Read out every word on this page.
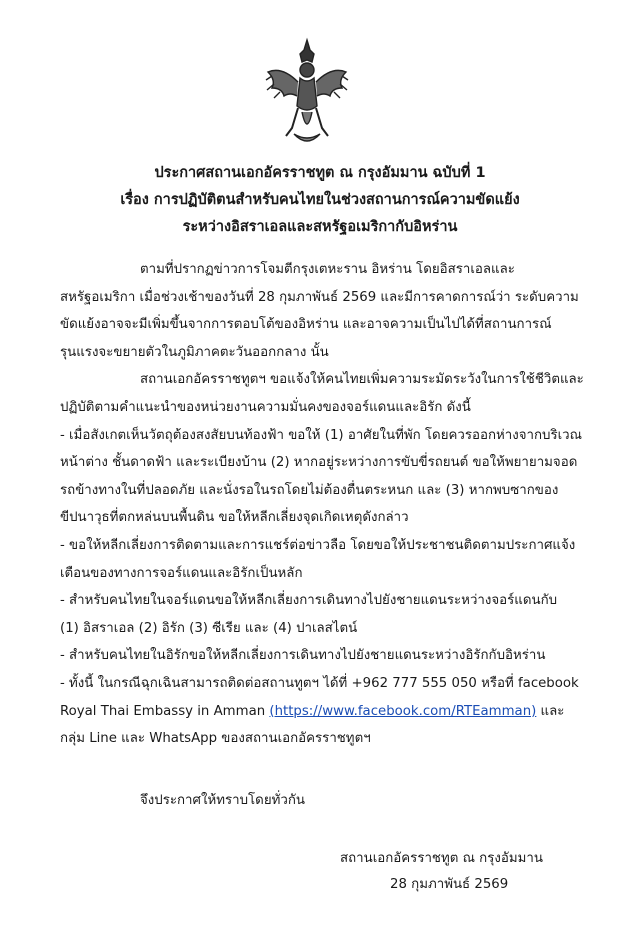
ประกาศสถานเอกอัครราชทูต ณ กรุงอัมมาน ฉบับที่ 1
เรื่อง การปฏิบัติตนสำหรับคนไทยในช่วงสถานการณ์ความขัดแย้ง
ระหว่างอิสราเอลและสหรัฐอเมริกากับอิหร่าน

ตามที่ปรากฏข่าวการโจมตีกรุงเตหะราน อิหร่าน โดยอิสราเอลและสหรัฐอเมริกา เมื่อช่วงเช้าของวันที่ 28 กุมภาพันธ์ 2569 และมีการคาดการณ์ว่า ระดับความขัดแย้งอาจจะมีเพิ่มขึ้นจากการตอบโต้ของอิหร่าน และอาจความเป็นไปได้ที่สถานการณ์รุนแรงจะขยายตัวในภูมิภาคตะวันออกกลาง นั้น

สถานเอกอัครราชทูตฯ ขอแจ้งให้คนไทยเพิ่มความระมัดระวังในการใช้ชีวิตและปฏิบัติตามคำแนะนำของหน่วยงานความมั่นคงของจอร์แดนและอิรัก ดังนี้

- เมื่อสังเกตเห็นวัตถุต้องสงสัยบนท้องฟ้า ขอให้ (1) อาศัยในที่พัก โดยควรออกห่างจากบริเวณหน้าต่าง ชั้นดาดฟ้า และระเบียงบ้าน (2) หากอยู่ระหว่างการขับขี่รถยนต์ ขอให้พยายามจอดรถข้างทางในที่ปลอดภัย และนั่งรอในรถโดยไม่ต้องตื่นตระหนก และ (3) หากพบซากของขีปนาวุธที่ตกหล่นบนพื้นดิน ขอให้หลีกเลี่ยงจุดเกิดเหตุดังกล่าว

- ขอให้หลีกเลี่ยงการติดตามและการแชร์ต่อข่าวลือ โดยขอให้ประชาชนติดตามประกาศแจ้งเตือนของทางการจอร์แดนและอิรักเป็นหลัก

- สำหรับคนไทยในจอร์แดนขอให้หลีกเลี่ยงการเดินทางไปยังชายแดนระหว่างจอร์แดนกับ

(1) อิสราเอล (2) อิรัก (3) ซีเรีย และ (4) ปาเลสไตน์

- สำหรับคนไทยในอิรักขอให้หลีกเลี่ยงการเดินทางไปยังชายแดนระหว่างอิรักกับอิหร่าน

- ทั้งนี้ ในกรณีฉุกเฉินสามารถติดต่อสถานทูตฯ ได้ที่ +962 777 555 050 หรือที่ facebook Royal Thai Embassy in Amman (https://www.facebook.com/RTEamman) และกลุ่ม Line และ WhatsApp ของสถานเอกอัครราชทูตฯ

จึงประกาศให้ทราบโดยทั่วกัน
สถานเอกอัครราชทูต ณ กรุงอัมมาน
28 กุมภาพันธ์ 2569
